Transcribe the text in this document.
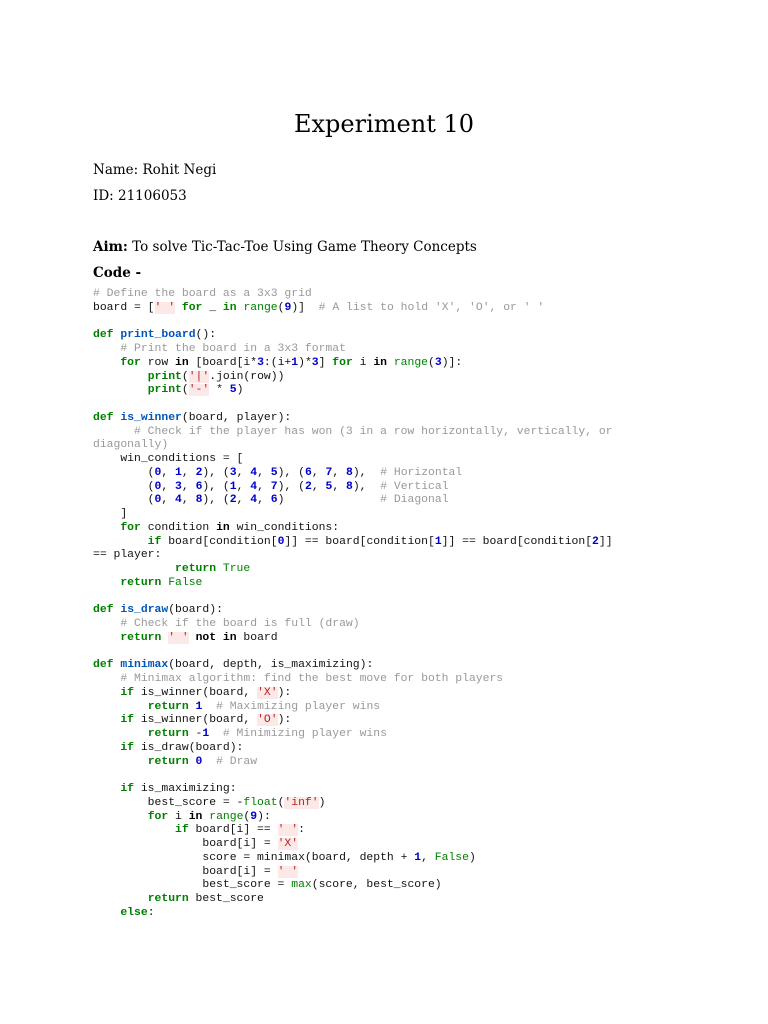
Experiment 10
Name: Rohit Negi
ID: 21106053
Aim: To solve Tic-Tac-Toe Using Game Theory Concepts
Code -
# Define the board as a 3x3 grid
board = [' ' for _ in range(9)]  # A list to hold 'X', 'O', or ' '
def print_board():
# Print the board in a 3x3 format
for row in [board[i*3:(i+1)*3] for i in range(3)]:
print('|'.join(row))
print('-' * 5)
def is_winner(board, player):
# Check if the player has won (3 in a row horizontally, vertically, or
diagonally)
win_conditions = [
(0, 1, 2), (3, 4, 5), (6, 7, 8),  # Horizontal
(0, 3, 6), (1, 4, 7), (2, 5, 8),  # Vertical
(0, 4, 8), (2, 4, 6)              # Diagonal
]
for condition in win_conditions:
if board[condition[0]] == board[condition[1]] == board[condition[2]]
== player:
return True
return False
def is_draw(board):
# Check if the board is full (draw)
return ' ' not in board
def minimax(board, depth, is_maximizing):
# Minimax algorithm: find the best move for both players
if is_winner(board, 'X'):
return 1 # Maximizing player wins
if is_winner(board, 'O'):
return -1 # Minimizing player wins
if is_draw(board):
return 0 # Draw
if is_maximizing:
best_score = -float('inf')
for i in range(9):
if board[i] == ' ':
board[i] = 'X'
score = minimax(board, depth + 1, False)
board[i] = ' '
best_score = max(score, best_score)
return best_score
else:
